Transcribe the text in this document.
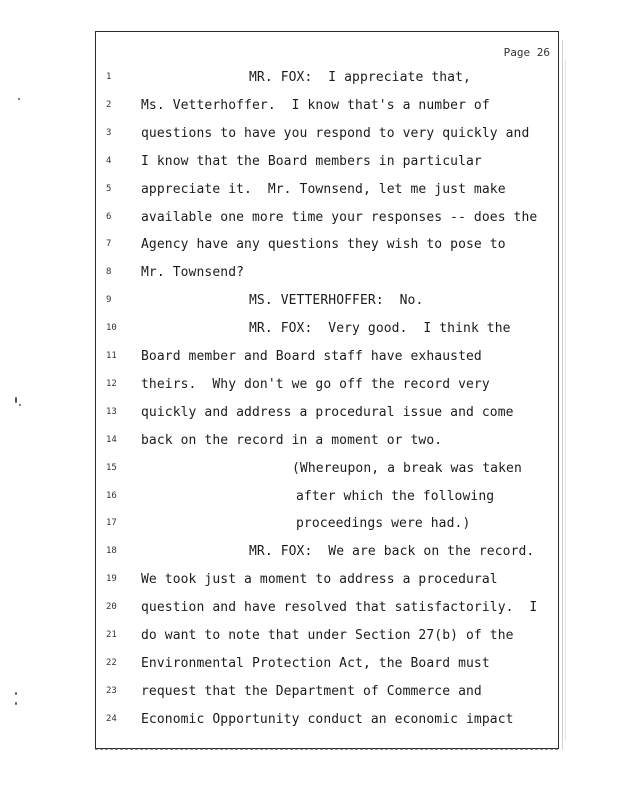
Page 26
1	MR. FOX:  I appreciate that,
2	Ms. Vetterhoffer.  I know that's a number of
3	questions to have you respond to very quickly and
4	I know that the Board members in particular
5	appreciate it.  Mr. Townsend, let me just make
6	available one more time your responses -- does the
7	Agency have any questions they wish to pose to
8	Mr. Townsend?
9	MS. VETTERHOFFER:  No.
10	MR. FOX:  Very good.  I think the
11	Board member and Board staff have exhausted
12	theirs.  Why don't we go off the record very
13	quickly and address a procedural issue and come
14	back on the record in a moment or two.
15	(Whereupon, a break was taken
16	after which the following
17	proceedings were had.)
18	MR. FOX:  We are back on the record.
19	We took just a moment to address a procedural
20	question and have resolved that satisfactorily.  I
21	do want to note that under Section 27(b) of the
22	Environmental Protection Act, the Board must
23	request that the Department of Commerce and
24	Economic Opportunity conduct an economic impact
